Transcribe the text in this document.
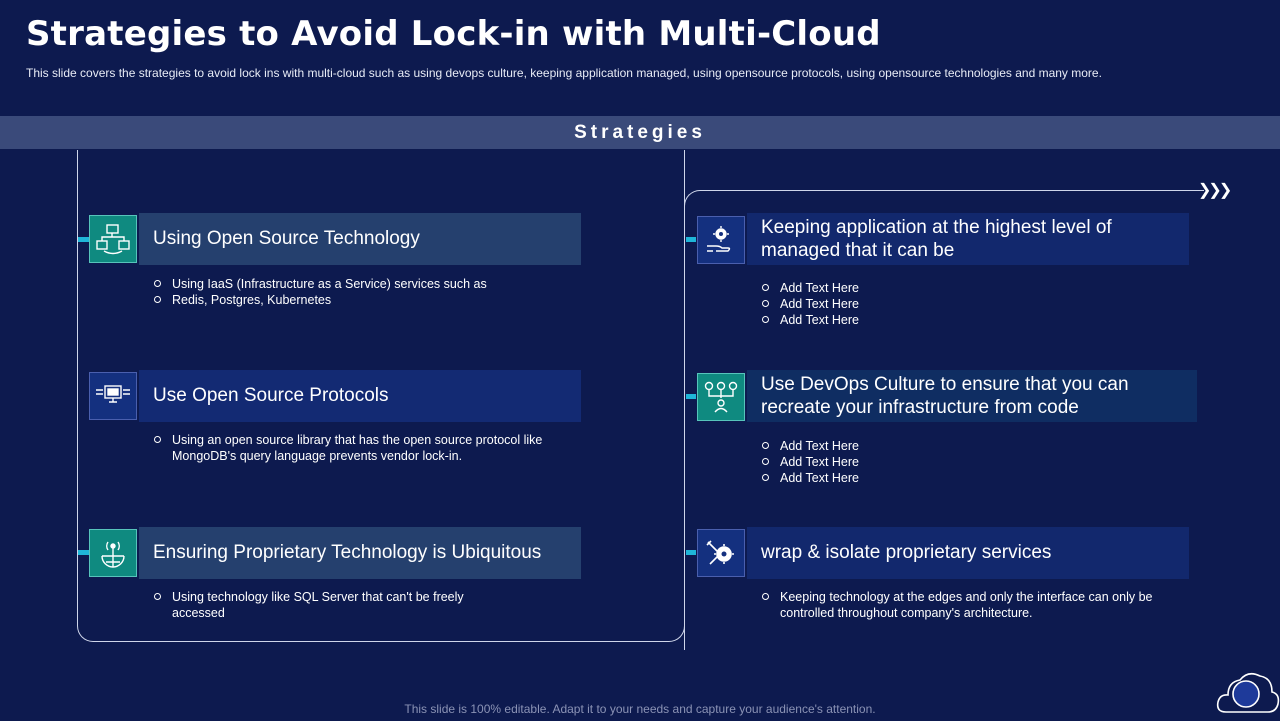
Strategies to Avoid Lock-in with Multi-Cloud
This slide covers the strategies to avoid lock ins with multi-cloud such as using devops culture, keeping application managed, using opensource protocols, using opensource technologies and many more.
Strategies
❯❯❯
Using Open Source Technology
Using IaaS (Infrastructure as a Service) services such as
Redis, Postgres, Kubernetes
Use Open Source Protocols
Using an open source library that has the open source protocol like MongoDB's query language prevents vendor lock-in.
Ensuring Proprietary Technology is Ubiquitous
Using technology like SQL Server that can't be freely accessed
Keeping application at the highest level of managed that it can be
Add Text Here
Add Text Here
Add Text Here
Use DevOps Culture to ensure that you can recreate your infrastructure from code
Add Text Here
Add Text Here
Add Text Here
wrap & isolate proprietary services
Keeping technology at the edges and only the interface can only be controlled throughout company's architecture.
This slide is 100% editable. Adapt it to your needs and capture your audience's attention.
